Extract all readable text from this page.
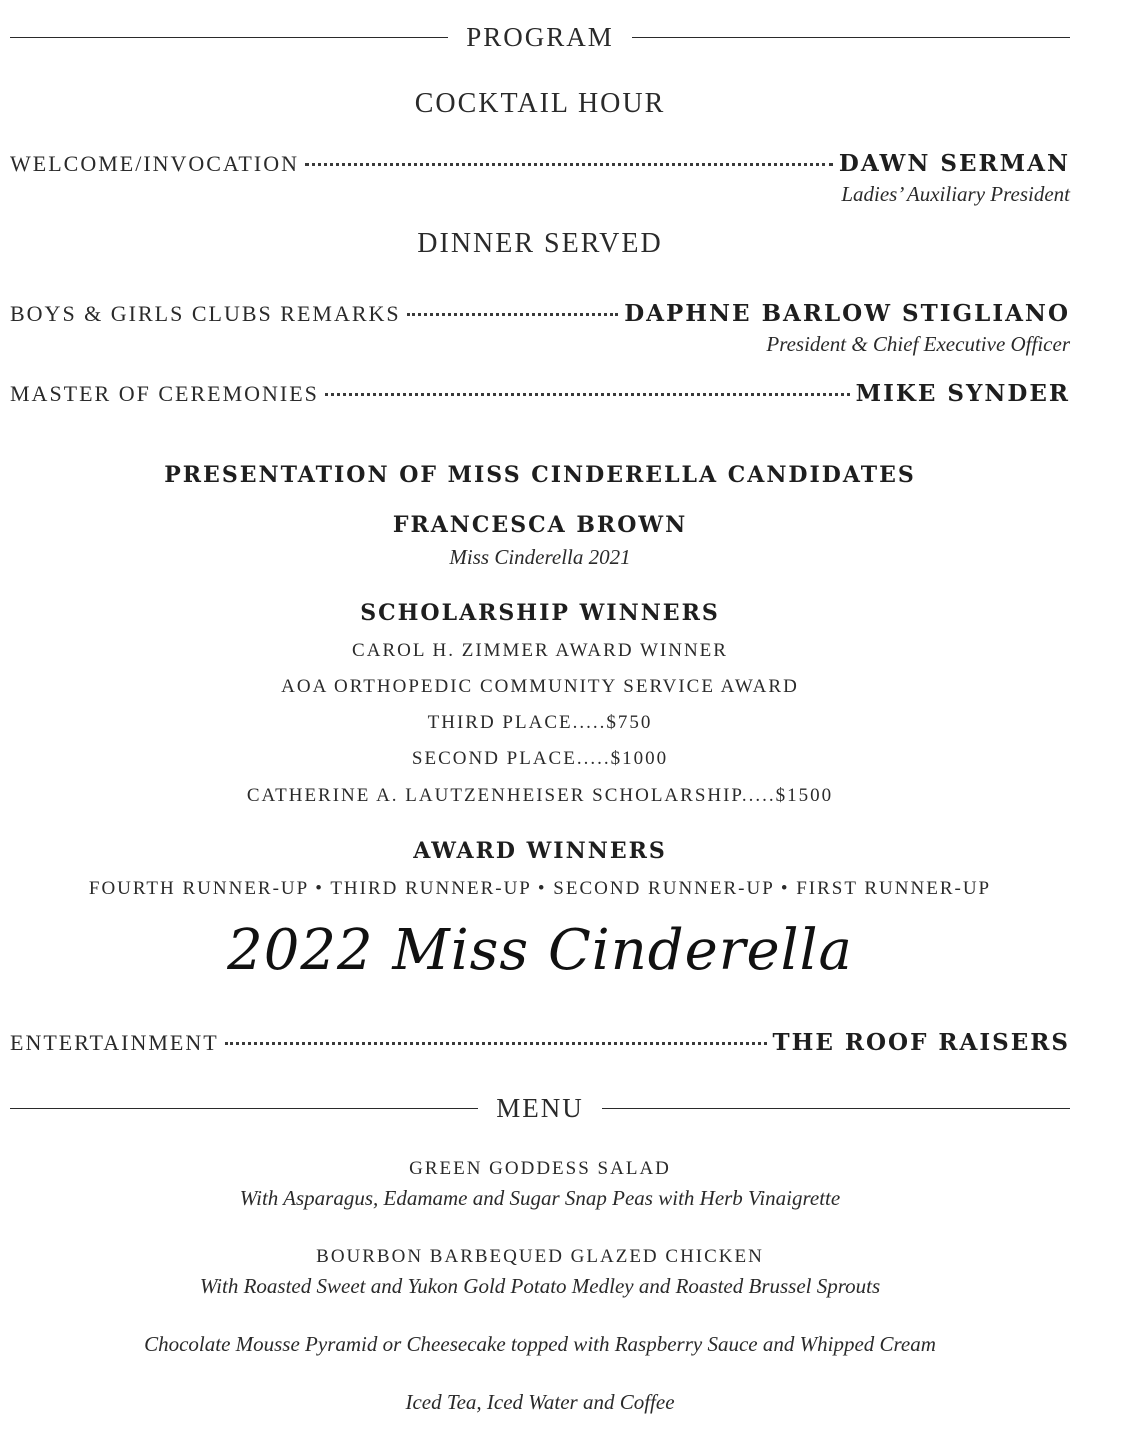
PROGRAM
COCKTAIL HOUR
WELCOME/INVOCATION	DAWN SERMAN
Ladies’ Auxiliary President
DINNER SERVED
BOYS & GIRLS CLUBS REMARKS	DAPHNE BARLOW STIGLIANO
President & Chief Executive Officer
MASTER OF CEREMONIES	MIKE SYNDER
PRESENTATION OF MISS CINDERELLA CANDIDATES
FRANCESCA BROWN
Miss Cinderella 2021
SCHOLARSHIP WINNERS
CAROL H. ZIMMER AWARD WINNER
AOA ORTHOPEDIC COMMUNITY SERVICE AWARD
THIRD PLACE.....$750
SECOND PLACE.....$1000
CATHERINE A. LAUTZENHEISER SCHOLARSHIP.....$1500
AWARD WINNERS
FOURTH RUNNER-UP • THIRD RUNNER-UP • SECOND RUNNER-UP • FIRST RUNNER-UP
2022 Miss Cinderella
ENTERTAINMENT	THE ROOF RAISERS
MENU
GREEN GODDESS SALAD
With Asparagus, Edamame and Sugar Snap Peas with Herb Vinaigrette
BOURBON BARBEQUED GLAZED CHICKEN
With Roasted Sweet and Yukon Gold Potato Medley and Roasted Brussel Sprouts
Chocolate Mousse Pyramid or Cheesecake topped with Raspberry Sauce and Whipped Cream
Iced Tea, Iced Water and Coffee
